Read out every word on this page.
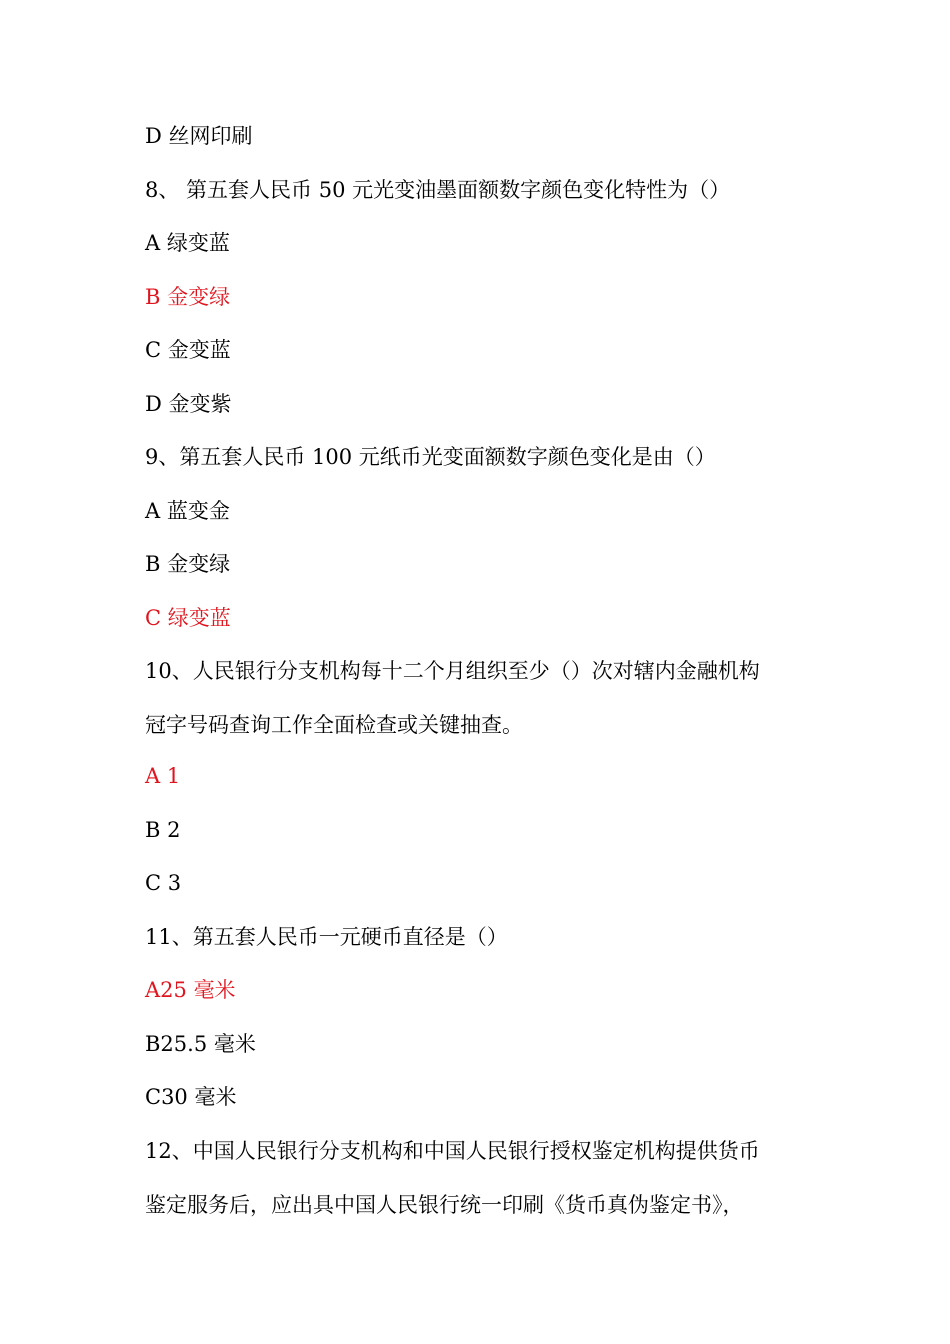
D 丝网印刷
8、 第五套人民币 50 元光变油墨面额数字颜色变化特性为（）
A 绿变蓝
B 金变绿
C 金变蓝
D 金变紫
9、第五套人民币 100 元纸币光变面额数字颜色变化是由（）
A 蓝变金
B 金变绿
C 绿变蓝
10、人民银行分支机构每十二个月组织至少（）次对辖内金融机构
冠字号码查询工作全面检查或关键抽查。
A 1
B 2
C 3
11、第五套人民币一元硬币直径是（）
A25 毫米
B25.5 毫米
C30 毫米
12、中国人民银行分支机构和中国人民银行授权鉴定机构提供货币
鉴定服务后，应出具中国人民银行统一印刷《货币真伪鉴定书》，
